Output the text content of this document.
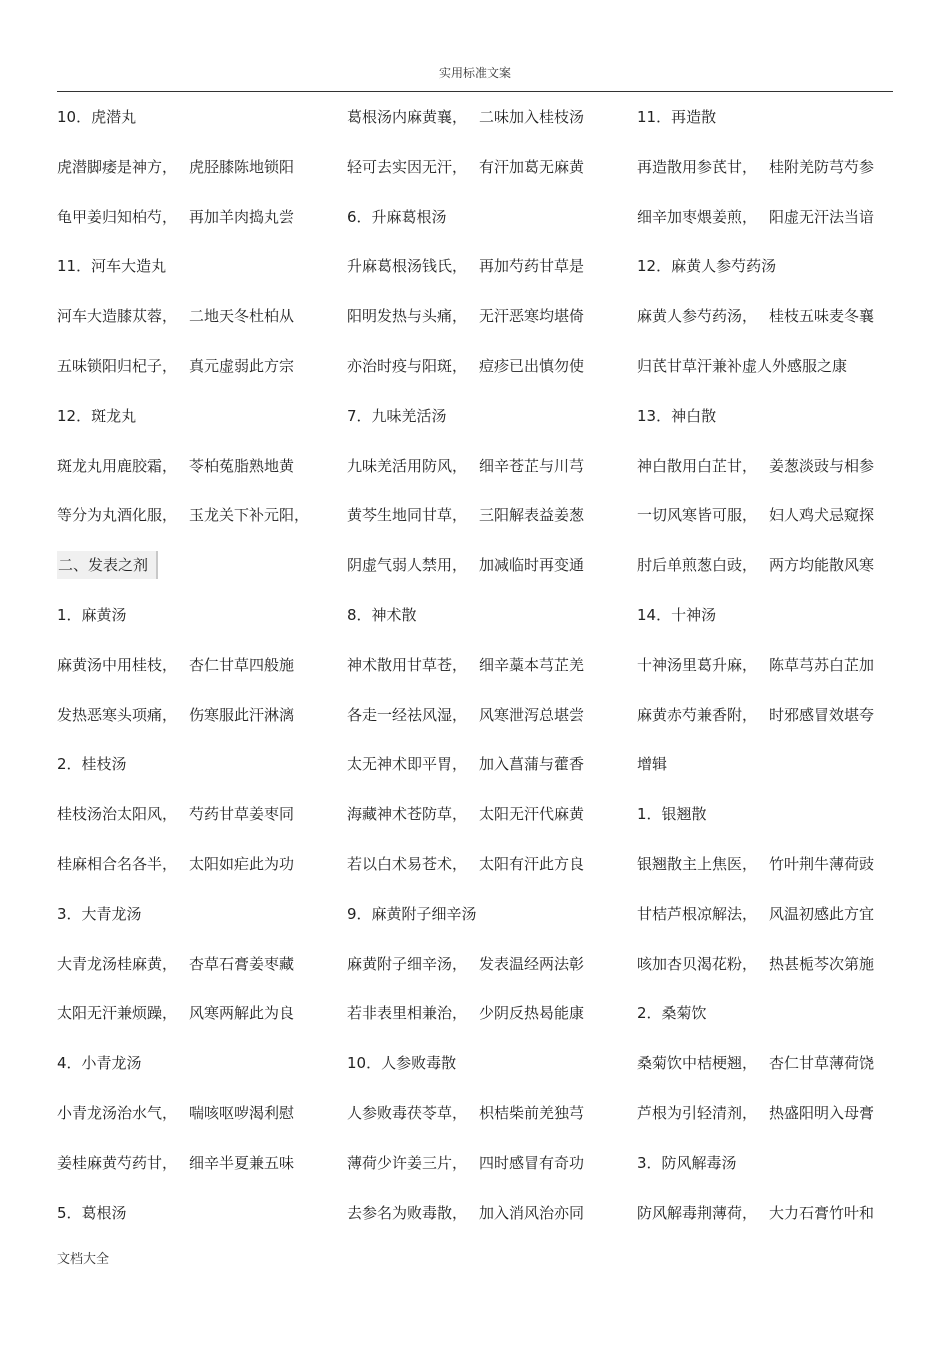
实用标准文案
10．虎潜丸
虎潜脚痿是神方， 虎胫膝陈地锁阳
龟甲姜归知柏芍， 再加羊肉捣丸尝
11．河车大造丸
河车大造膝苁蓉， 二地天冬杜柏从
五味锁阳归杞子， 真元虚弱此方宗
12．斑龙丸
斑龙丸用鹿胶霜， 苓柏菟脂熟地黄
等分为丸酒化服， 玉龙关下补元阳，
二、发表之剂
1．麻黄汤
麻黄汤中用桂枝， 杏仁甘草四般施
发热恶寒头项痛， 伤寒服此汗淋漓
2．桂枝汤
桂枝汤治太阳风， 芍药甘草姜枣同
桂麻相合名各半， 太阳如疟此为功
3．大青龙汤
大青龙汤桂麻黄， 杏草石膏姜枣藏
太阳无汗兼烦躁， 风寒两解此为良
4．小青龙汤
小青龙汤治水气， 喘咳呕哕渴利慰
姜桂麻黄芍药甘， 细辛半夏兼五味
5．葛根汤
葛根汤内麻黄襄， 二味加入桂枝汤
轻可去实因无汗， 有汗加葛无麻黄
6．升麻葛根汤
升麻葛根汤钱氏， 再加芍药甘草是
阳明发热与头痛， 无汗恶寒均堪倚
亦治时疫与阳斑， 痘疹已出慎勿使
7．九味羌活汤
九味羌活用防风， 细辛苍芷与川芎
黄芩生地同甘草， 三阳解表益姜葱
阴虚气弱人禁用， 加减临时再变通
8．神术散
神术散用甘草苍， 细辛藁本芎芷羌
各走一经祛风湿， 风寒泄泻总堪尝
太无神术即平胃， 加入菖蒲与藿香
海藏神术苍防草， 太阳无汗代麻黄
若以白术易苍术， 太阳有汗此方良
9．麻黄附子细辛汤
麻黄附子细辛汤， 发表温经两法彰
若非表里相兼治， 少阴反热曷能康
10．人参败毒散
人参败毒茯苓草， 枳桔柴前羌独芎
薄荷少许姜三片， 四时感冒有奇功
去参名为败毒散， 加入消风治亦同
11．再造散
再造散用参芪甘， 桂附羌防芎芍参
细辛加枣煨姜煎， 阳虚无汗法当谙
12．麻黄人参芍药汤
麻黄人参芍药汤， 桂枝五味麦冬襄
归芪甘草汗兼补虚人外感服之康
13．神白散
神白散用白芷甘， 姜葱淡豉与相参
一切风寒皆可服， 妇人鸡犬忌窥探
肘后单煎葱白豉， 两方均能散风寒
14．十神汤
十神汤里葛升麻， 陈草芎苏白芷加
麻黄赤芍兼香附， 时邪感冒效堪夸
增辑
1．银翘散
银翘散主上焦医， 竹叶荆牛薄荷豉
甘桔芦根凉解法， 风温初感此方宜
咳加杏贝渴花粉， 热甚栀芩次第施
2．桑菊饮
桑菊饮中桔梗翘， 杏仁甘草薄荷饶
芦根为引轻清剂， 热盛阳明入母膏
3．防风解毒汤
防风解毒荆薄荷， 大力石膏竹叶和
文档大全
